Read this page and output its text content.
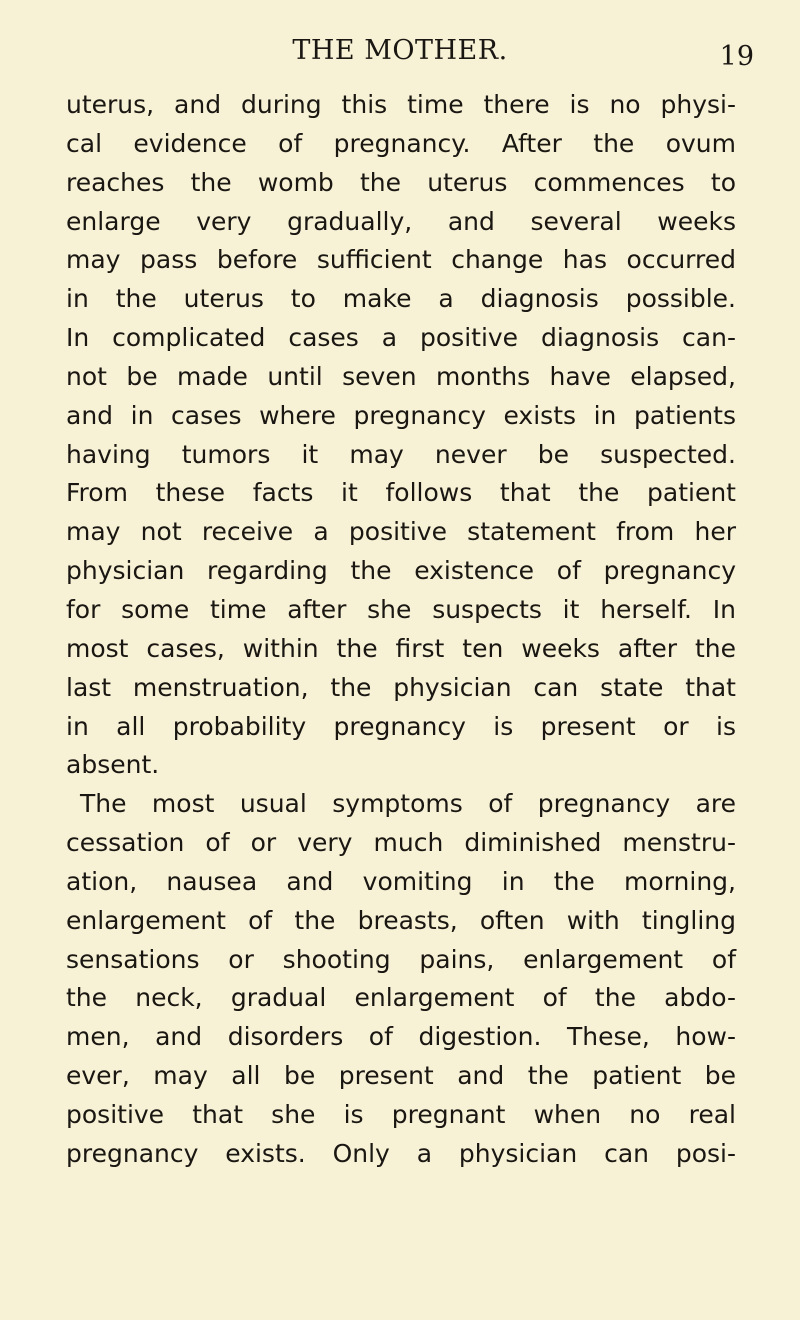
THE MOTHER.	19
uterus, and during this time there is no physi-
cal evidence of pregnancy. After the ovum
reaches the womb the uterus commences to
enlarge very gradually, and several weeks
may pass before sufficient change has occurred
in the uterus to make a diagnosis possible.
In complicated cases a positive diagnosis can-
not be made until seven months have elapsed,
and in cases where pregnancy exists in patients
having tumors it may never be suspected.
From these facts it follows that the patient
may not receive a positive statement from her
physician regarding the existence of pregnancy
for some time after she suspects it herself. In
most cases, within the first ten weeks after the
last menstruation, the physician can state that
in all probability pregnancy is present or is
absent.
The most usual symptoms of pregnancy are
cessation of or very much diminished menstru-
ation, nausea and vomiting in the morning,
enlargement of the breasts, often with tingling
sensations or shooting pains, enlargement of
the neck, gradual enlargement of the abdo-
men, and disorders of digestion. These, how-
ever, may all be present and the patient be
positive that she is pregnant when no real
pregnancy exists. Only a physician can posi-
